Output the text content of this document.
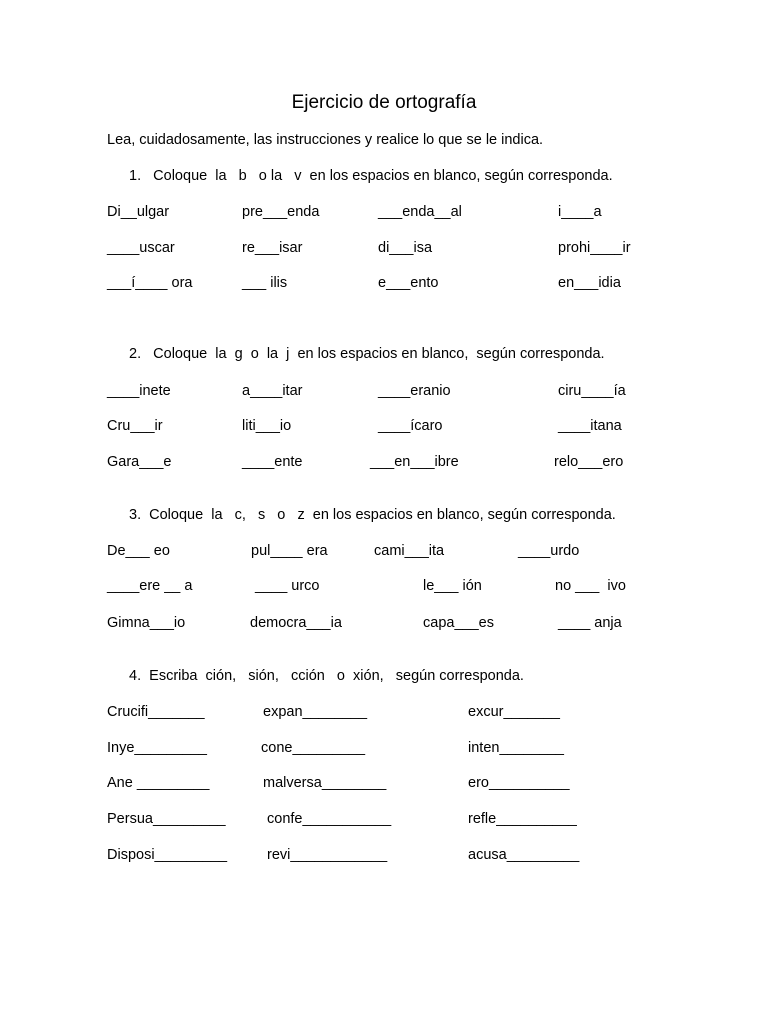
Ejercicio de ortografía
Lea, cuidadosamente, las instrucciones y realice lo que se le indica.
1.   Coloque  la   b   o la   v  en los espacios en blanco, según corresponda.
Di__ulgar	pre___enda	___enda__al	i____a
____uscar	re___isar	di___isa	prohi____ir
___í____ ora	___ ilis	e___ento	en___idia
2.   Coloque  la  g  o  la  j  en los espacios en blanco,  según corresponda.
____inete	a____itar	____eranio	ciru____ía
Cru___ir	liti___io	____ícaro	____itana
Gara___e	____ente	___en___ibre	relo___ero
3.  Coloque  la   c,   s   o   z  en los espacios en blanco, según corresponda.
De___ eo	pul____ era	cami___ita	____urdo
____ere __ a	____ urco	le___ ión	no ___  ivo
Gimna___io	democra___ia	capa___es	____ anja
4.  Escriba  ción,   sión,   cción   o  xión,   según corresponda.
Crucifi_______	expan________	excur_______
Inye_________	cone_________	inten________
Ane _________	malversa________	ero__________
Persua_________	confe___________	refle__________
Disposi_________	revi____________	acusa_________
